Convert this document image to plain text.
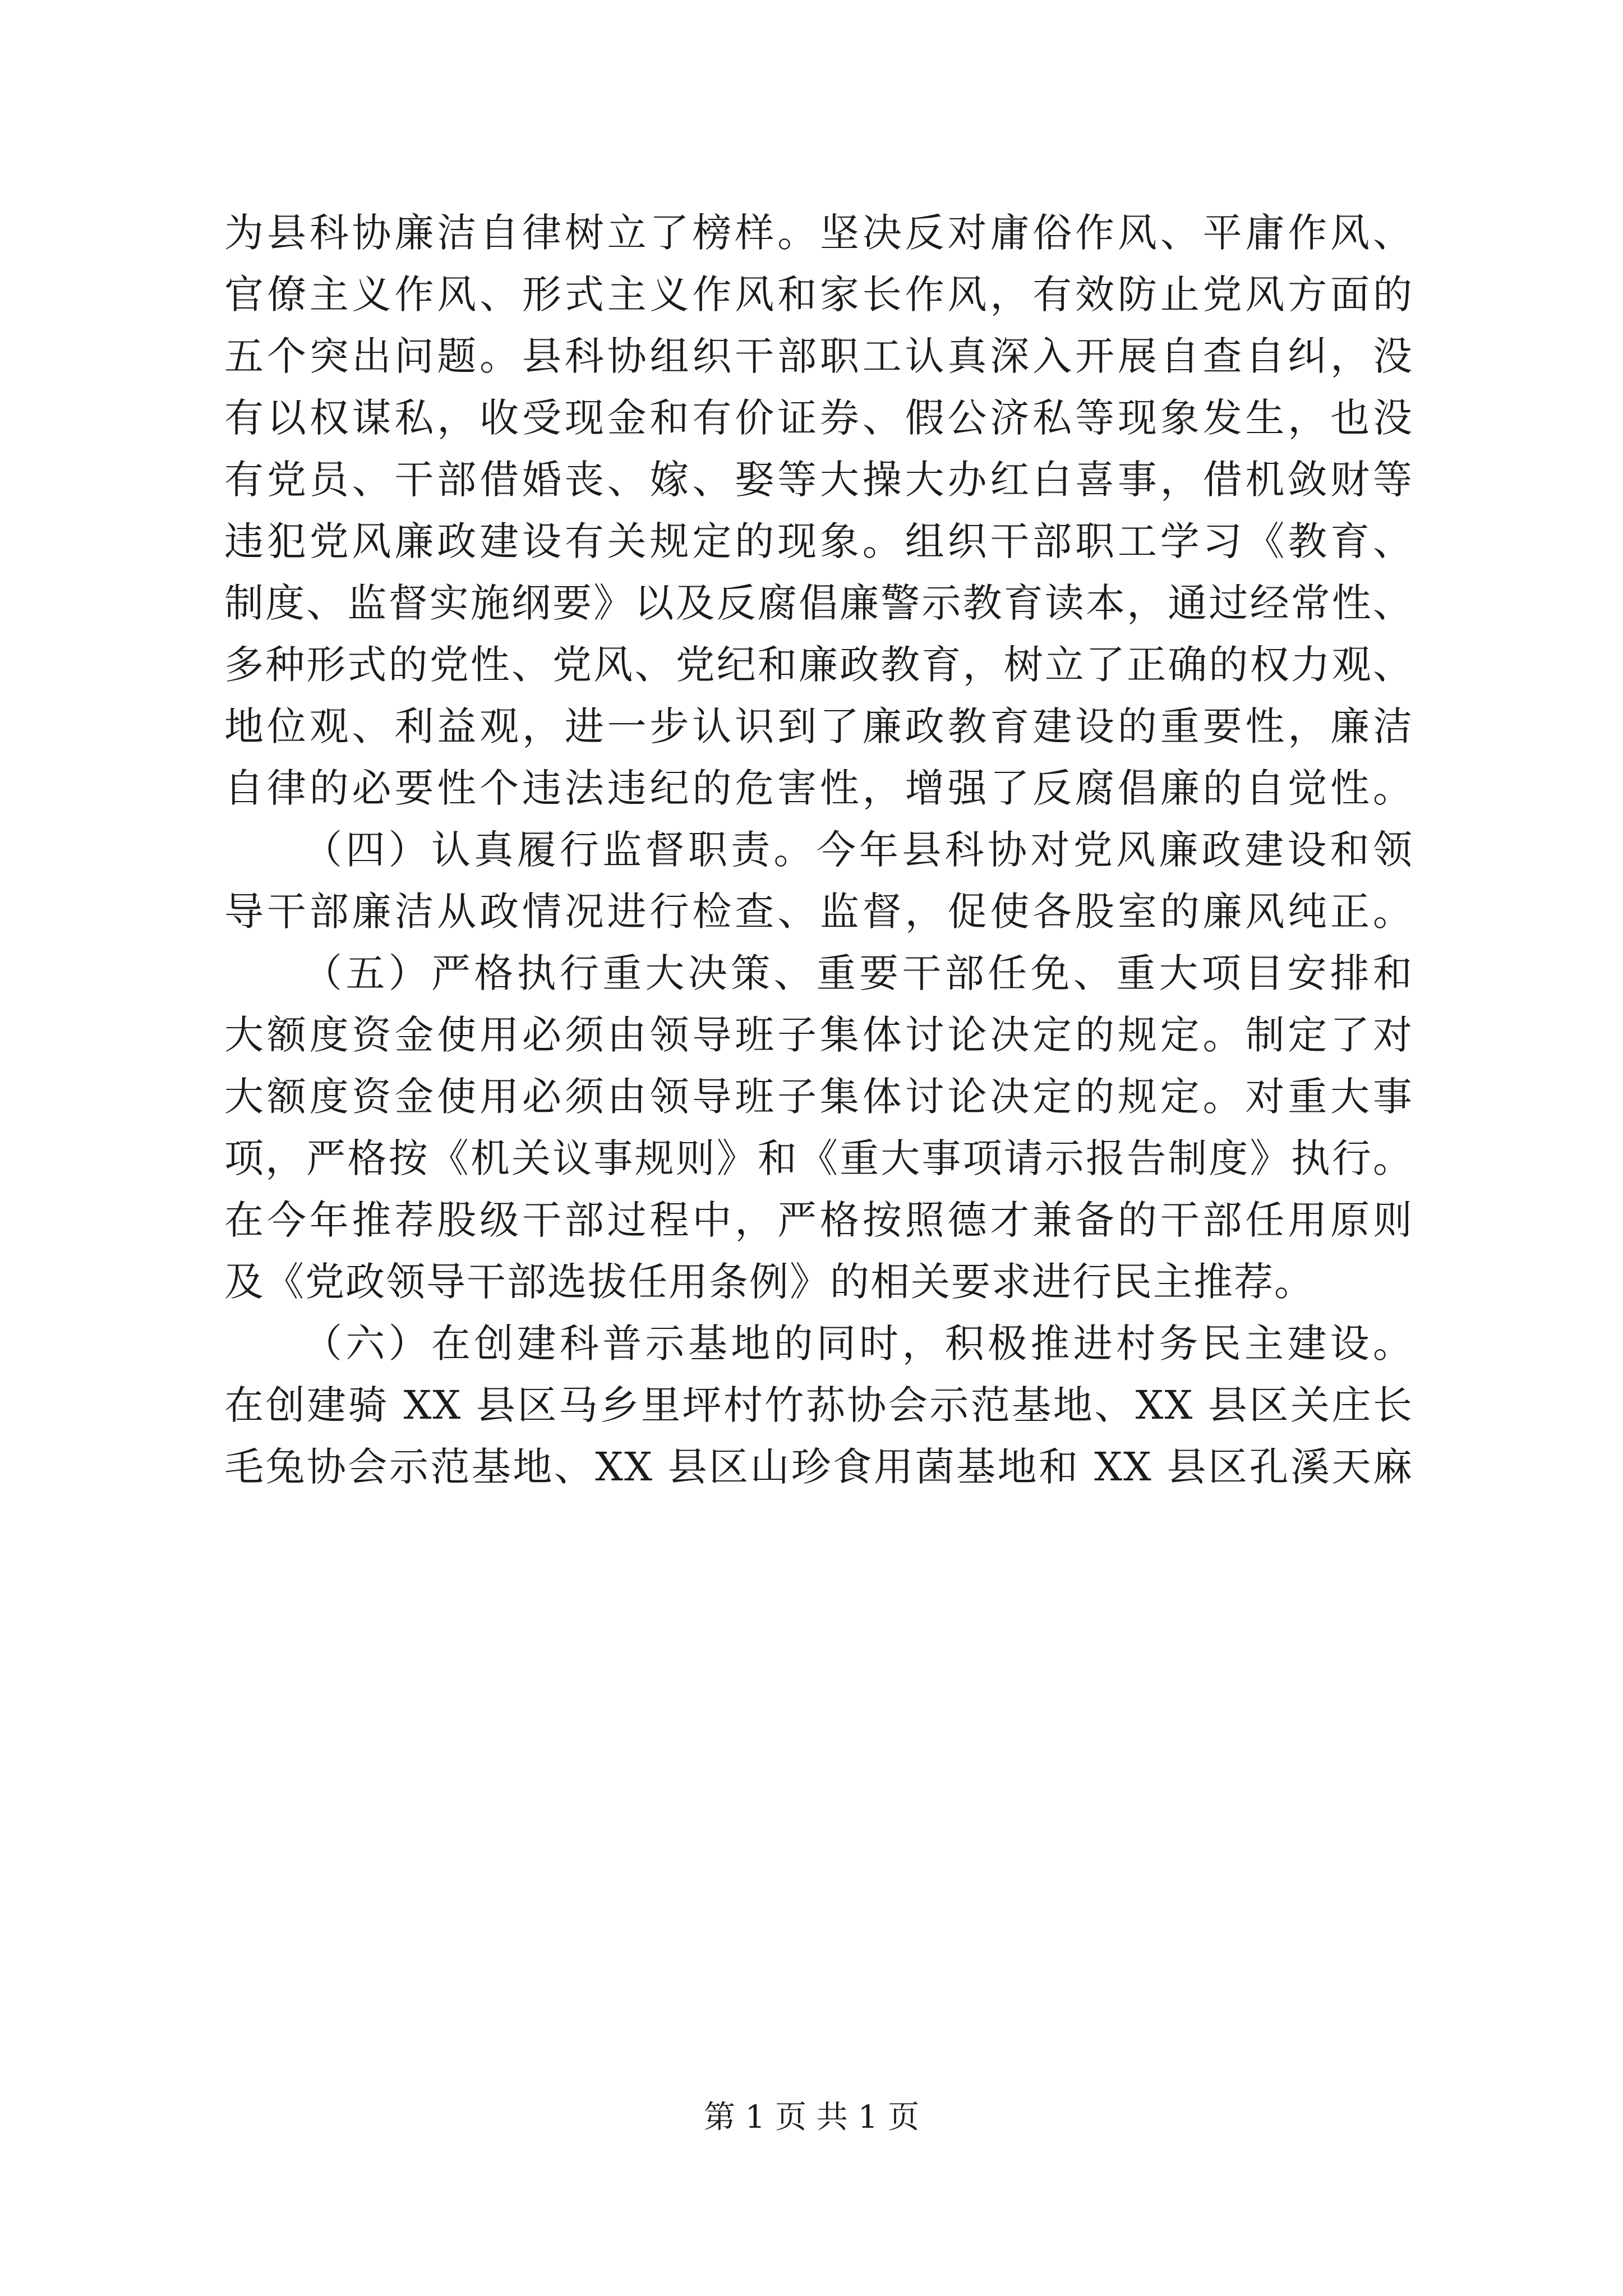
为县科协廉洁自律树立了榜样。坚决反对庸俗作风、平庸作风、
官僚主义作风、形式主义作风和家长作风，有效防止党风方面的
五个突出问题。县科协组织干部职工认真深入开展自查自纠，没
有以权谋私，收受现金和有价证券、假公济私等现象发生，也没
有党员、干部借婚丧、嫁、娶等大操大办红白喜事，借机敛财等
违犯党风廉政建设有关规定的现象。组织干部职工学习《教育、
制度、监督实施纲要》以及反腐倡廉警示教育读本，通过经常性、
多种形式的党性、党风、党纪和廉政教育，树立了正确的权力观、
地位观、利益观，进一步认识到了廉政教育建设的重要性，廉洁
自律的必要性个违法违纪的危害性，增强了反腐倡廉的自觉性。
（四）认真履行监督职责。今年县科协对党风廉政建设和领
导干部廉洁从政情况进行检查、监督，促使各股室的廉风纯正。
（五）严格执行重大决策、重要干部任免、重大项目安排和
大额度资金使用必须由领导班子集体讨论决定的规定。制定了对
大额度资金使用必须由领导班子集体讨论决定的规定。对重大事
项，严格按《机关议事规则》和《重大事项请示报告制度》执行。
在今年推荐股级干部过程中，严格按照德才兼备的干部任用原则
及《党政领导干部选拔任用条例》的相关要求进行民主推荐。
（六）在创建科普示基地的同时，积极推进村务民主建设。
在创建骑 XX 县区马乡里坪村竹荪协会示范基地、XX 县区关庄长
毛兔协会示范基地、XX 县区山珍食用菌基地和 XX 县区孔溪天麻
第 1 页 共 1 页
